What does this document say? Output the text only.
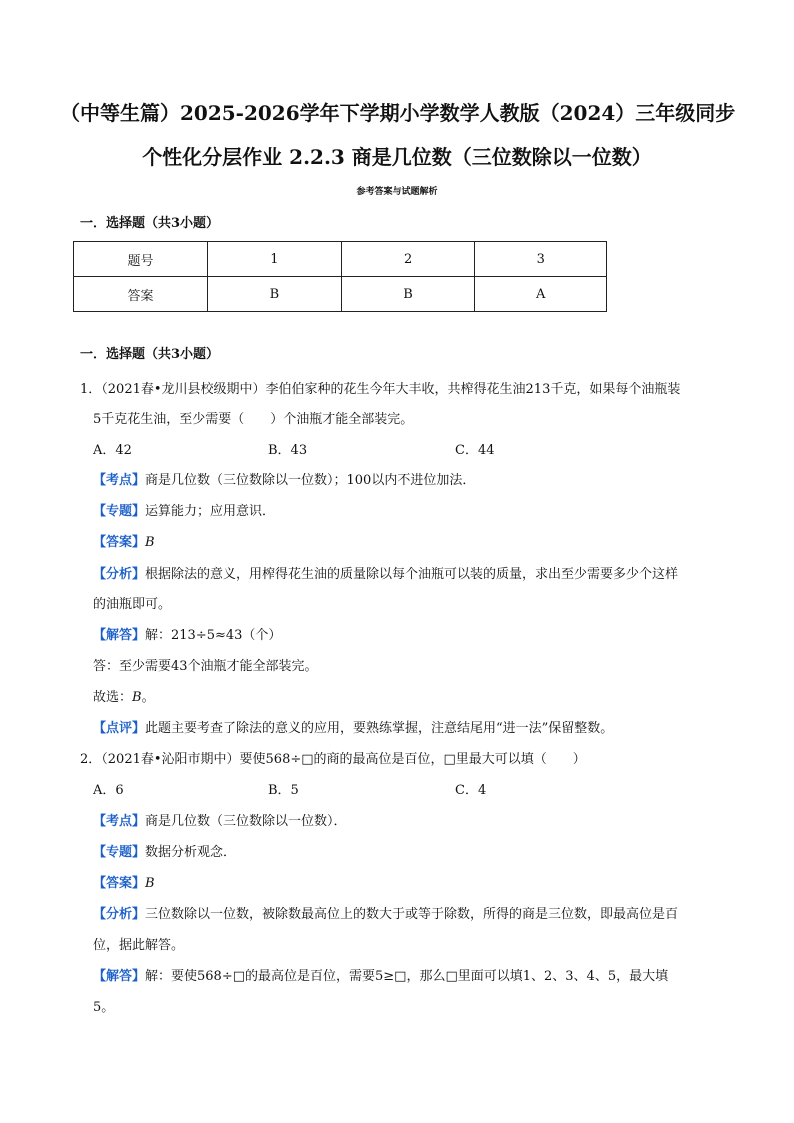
（中等生篇）2025-2026学年下学期小学数学人教版（2024）三年级同步
个性化分层作业 2.2.3 商是几位数（三位数除以一位数）
参考答案与试题解析
一．选择题（共3小题）
题号	1	2	3
答案	B	B	A
一．选择题（共3小题）
1．（2021春•龙川县校级期中）李伯伯家种的花生今年大丰收，共榨得花生油213千克，如果每个油瓶装
5千克花生油，至少需要（　　）个油瓶才能全部装完。
A．42	B．43	C．44
【考点】商是几位数（三位数除以一位数）；100以内不进位加法．
【专题】运算能力；应用意识．
【答案】B
【分析】根据除法的意义，用榨得花生油的质量除以每个油瓶可以装的质量，求出至少需要多少个这样
的油瓶即可。
【解答】解：213÷5≈43（个）
答：至少需要43个油瓶才能全部装完。
故选：B。
【点评】此题主要考查了除法的意义的应用，要熟练掌握，注意结尾用“进一法”保留整数。
2．（2021春•沁阳市期中）要使568÷□的商的最高位是百位，□里最大可以填（　　）
A．6	B．5	C．4
【考点】商是几位数（三位数除以一位数）．
【专题】数据分析观念．
【答案】B
【分析】三位数除以一位数，被除数最高位上的数大于或等于除数，所得的商是三位数，即最高位是百
位，据此解答。
【解答】解：要使568÷□的最高位是百位，需要5≥□，那么□里面可以填1、2、3、4、5，最大填
5。
